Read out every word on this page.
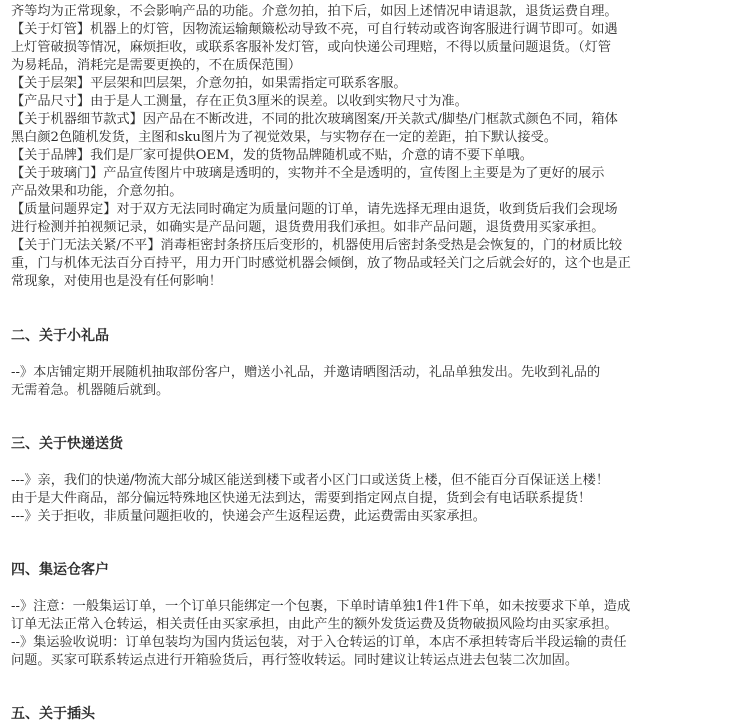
齐等均为正常现象，不会影响产品的功能。介意勿拍，拍下后，如因上述情况申请退款，退货运费自理。
【关于灯管】机器上的灯管，因物流运输颠簸松动导致不亮，可自行转动或咨询客服进行调节即可。如遇
上灯管破损等情况，麻烦拒收，或联系客服补发灯管，或向快递公司理赔，不得以质量问题退货。（灯管
为易耗品，消耗完是需要更换的，不在质保范围）
【关于层架】平层架和凹层架，介意勿拍，如果需指定可联系客服。
【产品尺寸】由于是人工测量，存在正负3厘米的误差。以收到实物尺寸为准。
【关于机器细节款式】因产品在不断改进，不同的批次玻璃图案/开关款式/脚垫/门框款式颜色不同，箱体
黑白颜2色随机发货，主图和sku图片为了视觉效果，与实物存在一定的差距，拍下默认接受。
【关于品牌】我们是厂家可提供OEM，发的货物品牌随机或不贴，介意的请不要下单哦。
【关于玻璃门】产品宣传图片中玻璃是透明的，实物并不全是透明的，宣传图上主要是为了更好的展示
产品效果和功能，介意勿拍。
【质量问题界定】对于双方无法同时确定为质量问题的订单，请先选择无理由退货，收到货后我们会现场
进行检测并拍视频记录，如确实是产品问题，退货费用我们承担。如非产品问题，退货费用买家承担。
【关于门无法关紧/不平】消毒柜密封条挤压后变形的，机器使用后密封条受热是会恢复的，门的材质比较
重，门与机体无法百分百持平，用力开门时感觉机器会倾倒，放了物品或轻关门之后就会好的，这个也是正
常现象，对使用也是没有任何影响！
二、关于小礼品
--》本店铺定期开展随机抽取部份客户，赠送小礼品，并邀请晒图活动，礼品单独发出。先收到礼品的
无需着急。机器随后就到。
三、关于快递送货
---》亲，我们的快递/物流大部分城区能送到楼下或者小区门口或送货上楼，但不能百分百保证送上楼！
由于是大件商品，部分偏远特殊地区快递无法到达，需要到指定网点自提，货到会有电话联系提货！
---》关于拒收，非质量问题拒收的，快递会产生返程运费，此运费需由买家承担。
四、集运仓客户
--》注意：一般集运订单，一个订单只能绑定一个包裹，下单时请单独1件1件下单，如未按要求下单，造成
订单无法正常入仓转运，相关责任由买家承担，由此产生的额外发货运费及货物破损风险均由买家承担。
--》集运验收说明：订单包装均为国内货运包装，对于入仓转运的订单，本店不承担转寄后半段运输的责任
问题。买家可联系转运点进行开箱验货后，再行签收转运。同时建议让转运点进去包装二次加固。
五、关于插头
